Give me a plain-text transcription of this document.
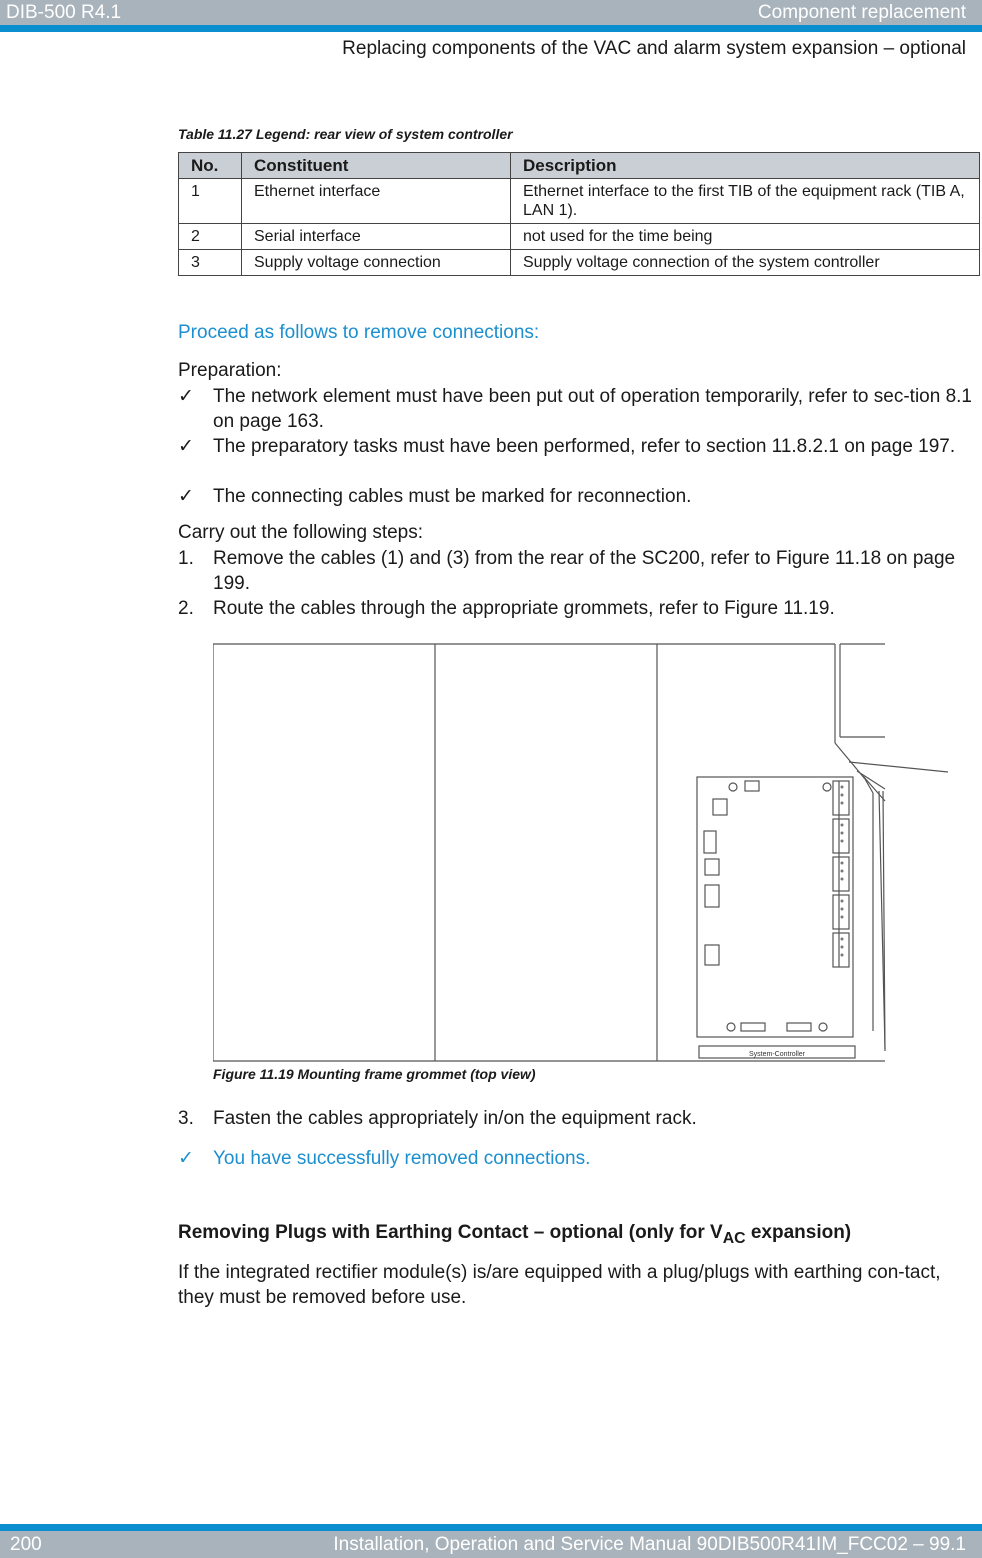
DIB-500 R4.1	Component replacement
Replacing components of the VAC and alarm system expansion – optional
Table 11.27 Legend: rear view of system controller
No.	Constituent	Description
1	Ethernet interface	Ethernet interface to the first TIB of the equipment rack (TIB A, LAN 1).
2	Serial interface	not used for the time being
3	Supply voltage connection	Supply voltage connection of the system controller
Proceed as follows to remove connections:
Preparation:
✓	The network element must have been put out of operation temporarily, refer to sec-tion 8.1 on page 163.
✓	The preparatory tasks must have been performed, refer to section 11.8.2.1 on page 197.
✓	The connecting cables must be marked for reconnection.
Carry out the following steps:
1.	Remove the cables (1) and (3) from the rear of the SC200, refer to Figure 11.18 on page 199.
2.	Route the cables through the appropriate grommets, refer to Figure 11.19.
System-Controller
Figure 11.19 Mounting frame grommet (top view)
3.	Fasten the cables appropriately in/on the equipment rack.
✓	You have successfully removed connections.
Removing Plugs with Earthing Contact – optional (only for $V_{AC}$ expansion)
If the integrated rectifier module(s) is/are equipped with a plug/plugs with earthing con-tact, they must be removed before use.
200	Installation, Operation and Service Manual 90DIB500R41IM_FCC02 – 99.1
